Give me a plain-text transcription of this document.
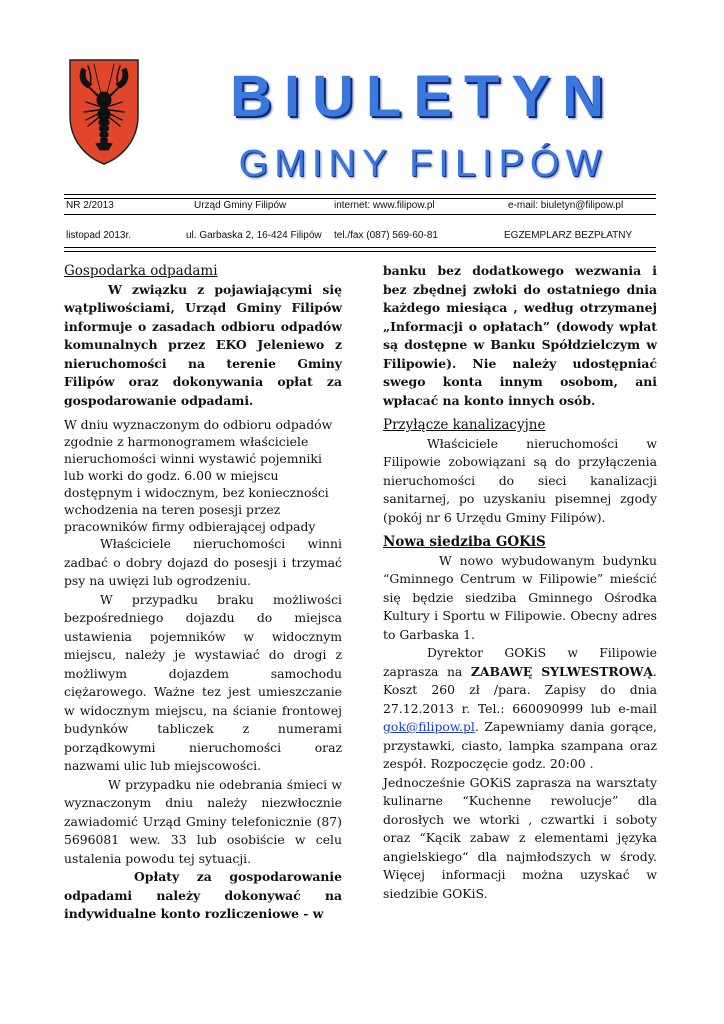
BIULETYN
GMINY FILIPÓW
NR 2/2013	Urząd Gminy Filipów	internet: www.filipow.pl	e-mail: biuletyn@filipow.pl
listopad 2013r.	ul. Garbaska 2, 16-424 Filipów tel./fax (087) 569-60-81	EGZEMPLARZ BEZPŁATNY

Gospodarka odpadami

W związku z pojawiającymi się wątpliwościami, Urząd Gminy Filipów informuje o zasadach odbioru odpadów komunalnych przez EKO Jeleniewo z nieruchomości na terenie Gminy Filipów oraz dokonywania opłat za gospodarowanie odpadami.

W dniu wyznaczonym do odbioru odpadów zgodnie z harmonogramem właściciele nieruchomości winni wystawić pojemniki lub worki do godz. 6.00 w miejscu dostępnym i widocznym, bez konieczności wchodzenia na teren posesji przez pracowników firmy odbierającej odpady

Właściciele nieruchomości winni zadbać o dobry dojazd do posesji i trzymać psy na uwięzi lub ogrodzeniu.

W przypadku braku możliwości bezpośredniego dojazdu do miejsca ustawienia pojemników w widocznym miejscu, należy je wystawiać do drogi z możliwym dojazdem samochodu ciężarowego. Ważne tez jest umieszczanie w widocznym miejscu, na ścianie frontowej budynków tabliczek z numerami porządkowymi nieruchomości oraz nazwami ulic lub miejscowości.

W przypadku nie odebrania śmieci w wyznaczonym dniu należy niezwłocznie zawiadomić Urząd Gminy telefonicznie (87) 5696081 wew. 33 lub osobiście w celu ustalenia powodu tej sytuacji.

Opłaty za gospodarowanie odpadami należy dokonywać na indywidualne konto rozliczeniowe - w

banku bez dodatkowego wezwania i bez zbędnej zwłoki do ostatniego dnia każdego miesiąca , według otrzymanej „Informacji o opłatach” (dowody wpłat są dostępne w Banku Spółdzielczym w Filipowie). Nie należy udostępniać swego konta innym osobom, ani wpłacać na konto innych osób.

Przyłącze kanalizacyjne

Właściciele nieruchomości w Filipowie zobowiązani są do przyłączenia nieruchomości do sieci kanalizacji sanitarnej, po uzyskaniu pisemnej zgody (pokój nr 6 Urzędu Gminy Filipów).

Nowa siedziba GOKiS

W nowo wybudowanym budynku “Gminnego Centrum w Filipowie” mieścić się będzie siedziba Gminnego Ośrodka Kultury i Sportu w Filipowie. Obecny adres to Garbaska 1.

Dyrektor GOKiS w Filipowie zaprasza na ZABAWĘ SYLWESTROWĄ. Koszt 260 zł /para. Zapisy do dnia 27.12.2013 r. Tel.: 660090999 lub e-mail gok@filipow.pl. Zapewniamy dania gorące, przystawki, ciasto, lampka szampana oraz zespół. Rozpoczęcie godz. 20:00 .

Jednocześnie GOKiS zaprasza na warsztaty kulinarne “Kuchenne rewolucje” dla dorosłych we wtorki , czwartki i soboty oraz “Kącik zabaw z elementami języka angielskiego“ dla najmłodszych w środy. Więcej informacji można uzyskać w siedzibie GOKiS.
